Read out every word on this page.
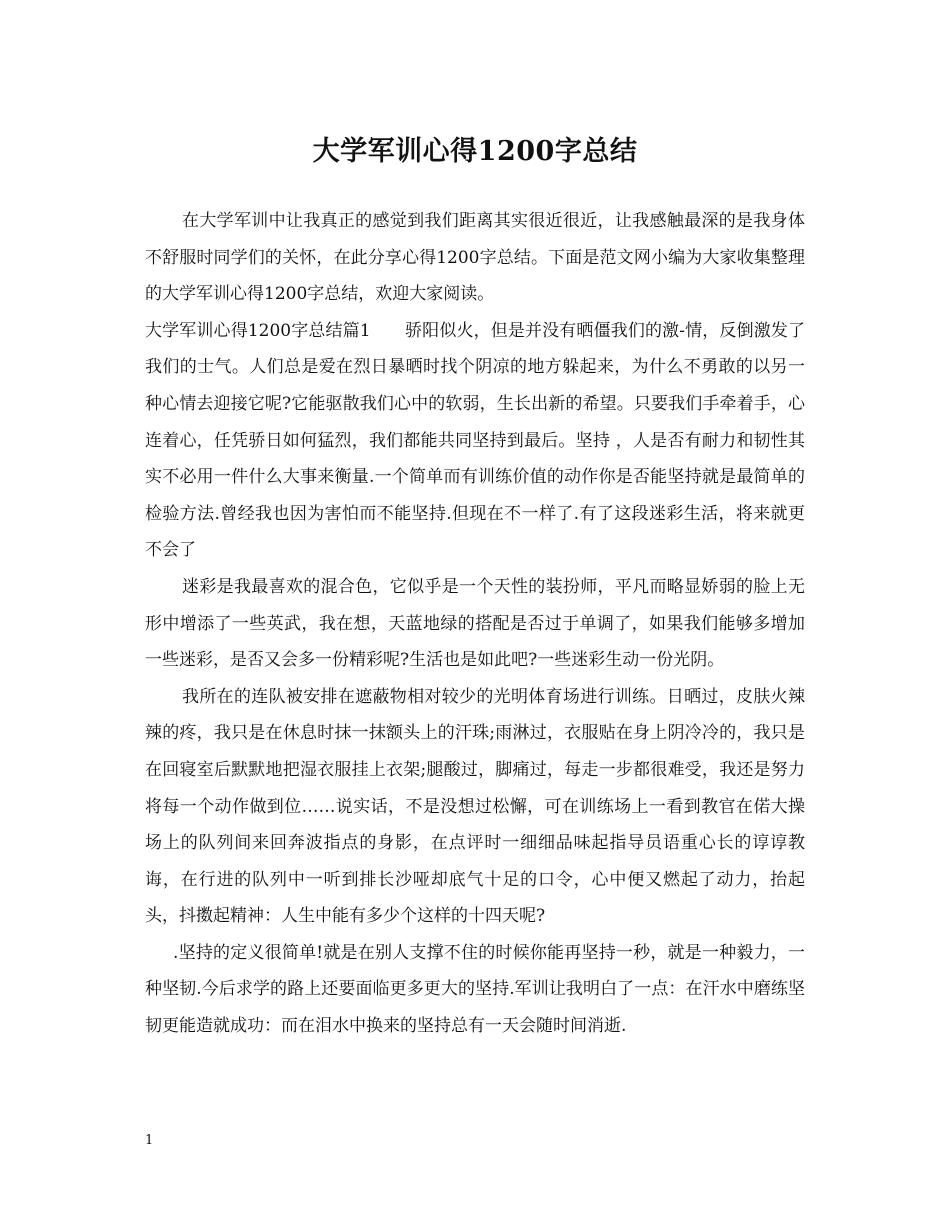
大学军训心得1200字总结

在大学军训中让我真正的感觉到我们距离其实很近很近，让我感触最深的是我身体不舒服时同学们的关怀，在此分享心得1200字总结。下面是范文网小编为大家收集整理的大学军训心得1200字总结，欢迎大家阅读。

大学军训心得1200字总结篇1　　骄阳似火，但是并没有晒僵我们的激-情，反倒激发了我们的士气。人们总是爱在烈日暴晒时找个阴凉的地方躲起来，为什么不勇敢的以另一种心情去迎接它呢?它能驱散我们心中的软弱，生长出新的希望。只要我们手牵着手，心连着心，任凭骄日如何猛烈，我们都能共同坚持到最后。坚持 ，人是否有耐力和韧性其实不必用一件什么大事来衡量.一个简单而有训练价值的动作你是否能坚持就是最简单的检验方法.曾经我也因为害怕而不能坚持.但现在不一样了.有了这段迷彩生活，将来就更不会了

迷彩是我最喜欢的混合色，它似乎是一个天性的装扮师，平凡而略显娇弱的脸上无形中增添了一些英武，我在想，天蓝地绿的搭配是否过于单调了，如果我们能够多增加一些迷彩，是否又会多一份精彩呢?生活也是如此吧?一些迷彩生动一份光阴。

我所在的连队被安排在遮蔽物相对较少的光明体育场进行训练。日晒过，皮肤火辣辣的疼，我只是在休息时抹一抹额头上的汗珠;雨淋过，衣服贴在身上阴冷冷的，我只是在回寝室后默默地把湿衣服挂上衣架;腿酸过，脚痛过，每走一步都很难受，我还是努力将每一个动作做到位……说实话，不是没想过松懈，可在训练场上一看到教官在偌大操场上的队列间来回奔波指点的身影，在点评时一细细品味起指导员语重心长的谆谆教诲，在行进的队列中一听到排长沙哑却底气十足的口令，心中便又燃起了动力，抬起头，抖擞起精神：人生中能有多少个这样的十四天呢?

.坚持的定义很简单!就是在别人支撑不住的时候你能再坚持一秒，就是一种毅力，一种坚韧.今后求学的路上还要面临更多更大的坚持.军训让我明白了一点：在汗水中磨练坚韧更能造就成功：而在泪水中换来的坚持总有一天会随时间消逝.

1
